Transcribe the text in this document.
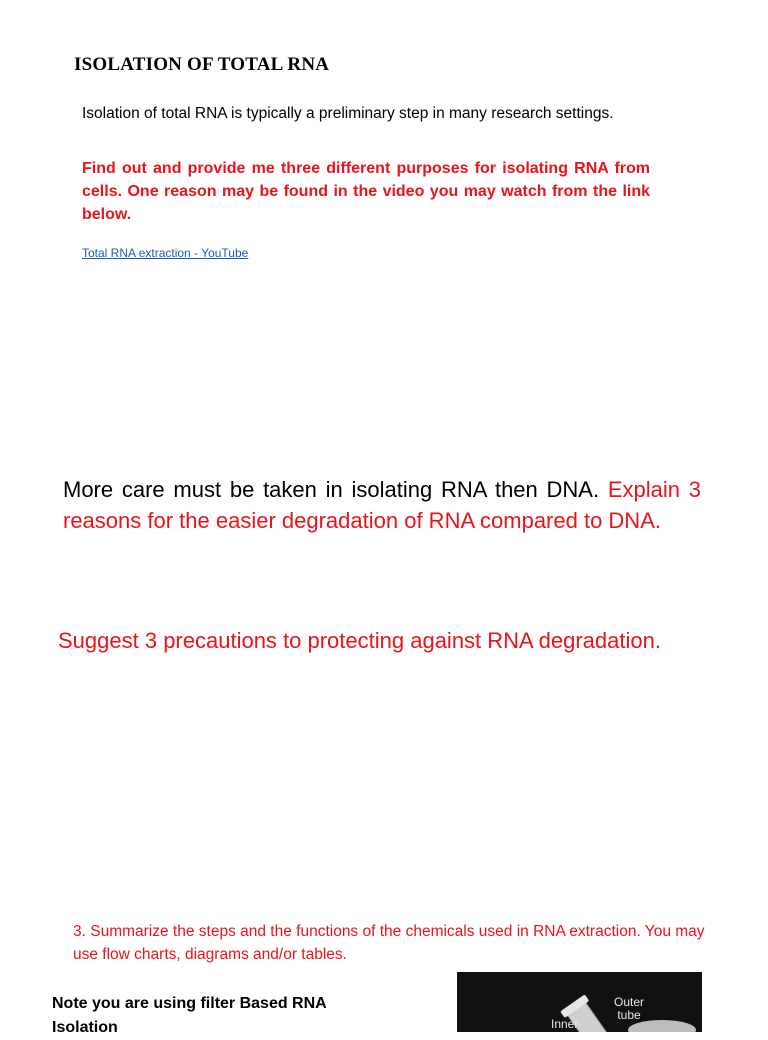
ISOLATION OF TOTAL RNA
Isolation of total RNA is typically a preliminary step in many research settings.
Find out and provide me three different purposes for isolating RNA from cells. One reason may be found in the video you may watch from the link below.
Total RNA extraction - YouTube
More care must be taken in isolating RNA then DNA. Explain 3 reasons for the easier degradation of RNA compared to DNA.
Suggest 3 precautions to protecting against RNA degradation.
3. Summarize the steps and the functions of the chemicals used in RNA extraction. You may use flow charts, diagrams and/or tables.
Note you are using filter Based RNA Isolation
Outer tube
Inner
